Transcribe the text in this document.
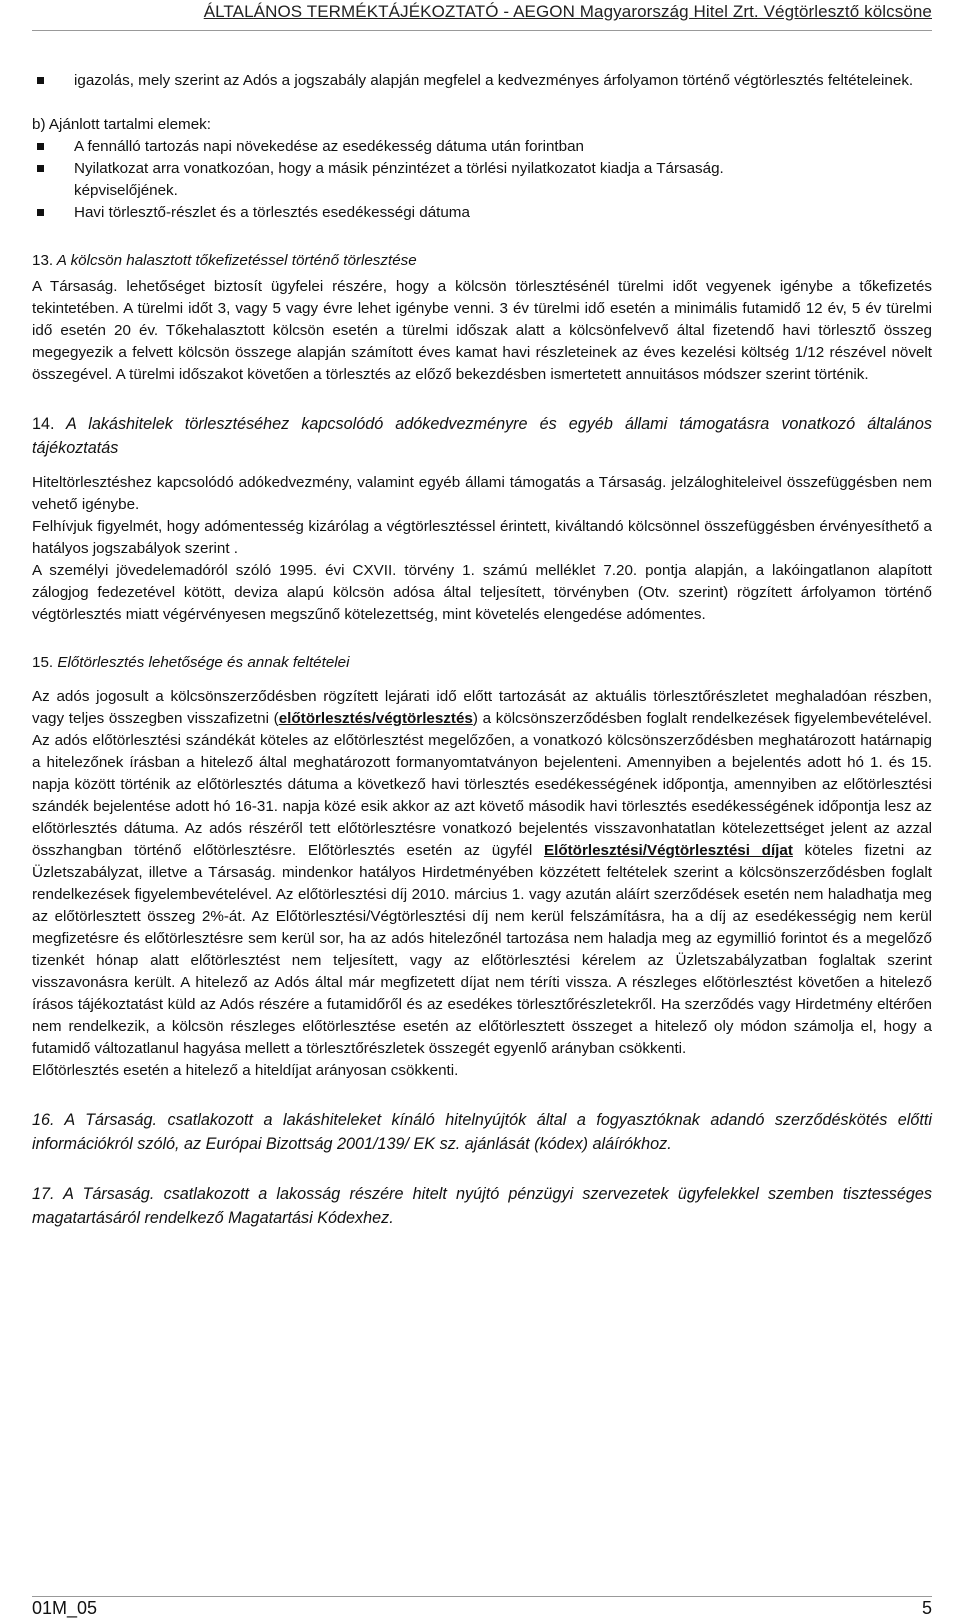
ÁLTALÁNOS TERMÉKTÁJÉKOZTATÓ - AEGON Magyarország Hitel Zrt. Végtörlesztő kölcsöne
igazolás, mely szerint az Adós a jogszabály alapján megfelel a kedvezményes árfolyamon történő végtörlesztés feltételeinek.

b) Ajánlott tartalmi elemek:

A fennálló tartozás napi növekedése az esedékesség dátuma után forintban
Nyilatkozat arra vonatkozóan, hogy a másik pénzintézet a törlési nyilatkozatot kiadja a Társaság.

képviselőjének.

Havi törlesztő-részlet és a törlesztés esedékességi dátuma

13. A kölcsön halasztott tőkefizetéssel történő törlesztése

A Társaság. lehetőséget biztosít ügyfelei részére, hogy a kölcsön törlesztésénél türelmi időt vegyenek igénybe a tőkefizetés tekintetében. A türelmi időt 3, vagy 5 vagy évre lehet igénybe venni. 3 év türelmi idő esetén a minimális futamidő 12 év, 5 év türelmi idő esetén 20 év. Tőkehalasztott kölcsön esetén a türelmi időszak alatt a kölcsönfelvevő által fizetendő havi törlesztő összeg megegyezik a felvett kölcsön összege alapján számított éves kamat havi részleteinek az éves kezelési költség 1/12 részével növelt összegével. A türelmi időszakot követően a törlesztés az előző bekezdésben ismertetett annuitásos módszer szerint történik.

14. A lakáshitelek törlesztéséhez kapcsolódó adókedvezményre és egyéb állami támogatásra vonatkozó általános tájékoztatás

Hiteltörlesztéshez kapcsolódó adókedvezmény, valamint egyéb állami támogatás a Társaság. jelzáloghiteleivel összefüggésben nem vehető igénybe.

Felhívjuk figyelmét, hogy adómentesség kizárólag a végtörlesztéssel érintett, kiváltandó kölcsönnel összefüggésben érvényesíthető a hatályos jogszabályok szerint .

A személyi jövedelemadóról szóló 1995. évi CXVII. törvény 1. számú melléklet 7.20. pontja alapján, a lakóingatlanon alapított zálogjog fedezetével kötött, deviza alapú kölcsön adósa által teljesített, törvényben (Otv. szerint) rögzített árfolyamon történő végtörlesztés miatt végérvényesen megszűnő kötelezettség, mint követelés elengedése adómentes.

15. Előtörlesztés lehetősége és annak feltételei

Az adós jogosult a kölcsönszerződésben rögzített lejárati idő előtt tartozását az aktuális törlesztőrészletet meghaladóan részben, vagy teljes összegben visszafizetni (előtörlesztés/végtörlesztés) a kölcsönszerződésben foglalt rendelkezések figyelembevételével. Az adós előtörlesztési szándékát köteles az előtörlesztést megelőzően, a vonatkozó kölcsönszerződésben meghatározott határnapig a hitelezőnek írásban a hitelező által meghatározott formanyomtatványon bejelenteni. Amennyiben a bejelentés adott hó 1. és 15. napja között történik az előtörlesztés dátuma a következő havi törlesztés esedékességének időpontja, amennyiben az előtörlesztési szándék bejelentése adott hó 16-31. napja közé esik akkor az azt követő második havi törlesztés esedékességének időpontja lesz az előtörlesztés dátuma. Az adós részéről tett előtörlesztésre vonatkozó bejelentés visszavonhatatlan kötelezettséget jelent az azzal összhangban történő előtörlesztésre. Előtörlesztés esetén az ügyfél Előtörlesztési/Végtörlesztési díjat köteles fizetni az Üzletszabályzat, illetve a Társaság. mindenkor hatályos Hirdetményében közzétett feltételek szerint a kölcsönszerződésben foglalt rendelkezések figyelembevételével. Az előtörlesztési díj 2010. március 1. vagy azután aláírt szerződések esetén nem haladhatja meg az előtörlesztett összeg 2%-át. Az Előtörlesztési/Végtörlesztési díj nem kerül felszámításra, ha a díj az esedékességig nem kerül megfizetésre és előtörlesztésre sem kerül sor, ha az adós hitelezőnél tartozása nem haladja meg az egymillió forintot és a megelőző tizenkét hónap alatt előtörlesztést nem teljesített, vagy az előtörlesztési kérelem az Üzletszabályzatban foglaltak szerint visszavonásra került. A hitelező az Adós által már megfizetett díjat nem téríti vissza. A részleges előtörlesztést követően a hitelező írásos tájékoztatást küld az Adós részére a futamidőről és az esedékes törlesztőrészletekről. Ha szerződés vagy Hirdetmény eltérően nem rendelkezik, a kölcsön részleges előtörlesztése esetén az előtörlesztett összeget a hitelező oly módon számolja el, hogy a futamidő változatlanul hagyása mellett a törlesztőrészletek összegét egyenlő arányban csökkenti.

Előtörlesztés esetén a hitelező a hiteldíjat arányosan csökkenti.

16. A Társaság. csatlakozott a lakáshiteleket kínáló hitelnyújtók által a fogyasztóknak adandó szerződéskötés előtti információkról szóló, az Európai Bizottság 2001/139/ EK sz. ajánlását (kódex) aláírókhoz.

17. A Társaság. csatlakozott a lakosság részére hitelt nyújtó pénzügyi szervezetek ügyfelekkel szemben tisztességes magatartásáról rendelkező Magatartási Kódexhez.

01M_05	5
